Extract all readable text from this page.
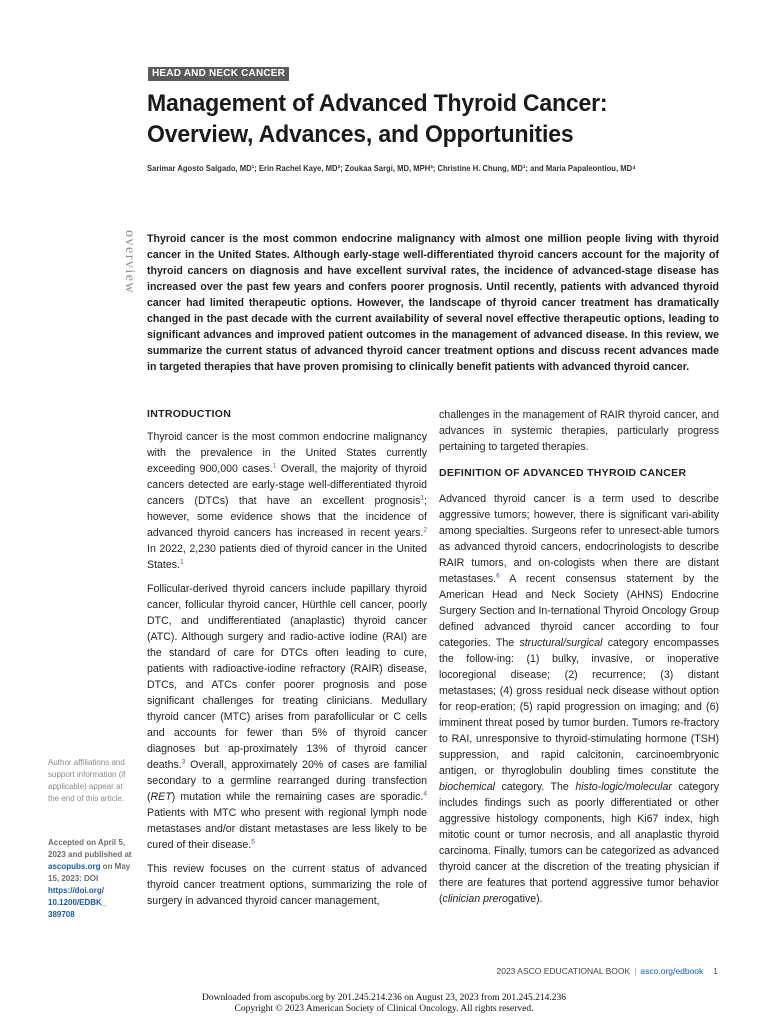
HEAD AND NECK CANCER
Management of Advanced Thyroid Cancer: Overview, Advances, and Opportunities
Sarimar Agosto Salgado, MD¹; Erin Rachel Kaye, MD²; Zoukaa Sargi, MD, MPH³; Christine H. Chung, MD¹; and Maria Papaleontiou, MD⁴
overview Thyroid cancer is the most common endocrine malignancy with almost one million people living with thyroid cancer in the United States. Although early-stage well-differentiated thyroid cancers account for the majority of thyroid cancers on diagnosis and have excellent survival rates, the incidence of advanced-stage disease has increased over the past few years and confers poorer prognosis. Until recently, patients with advanced thyroid cancer had limited therapeutic options. However, the landscape of thyroid cancer treatment has dramatically changed in the past decade with the current availability of several novel effective therapeutic options, leading to significant advances and improved patient outcomes in the management of advanced disease. In this review, we summarize the current status of advanced thyroid cancer treatment options and discuss recent advances made in targeted therapies that have proven promising to clinically benefit patients with advanced thyroid cancer.

INTRODUCTION

Thyroid cancer is the most common endocrine malignancy with the prevalence in the United States currently exceeding 900,000 cases.$^1$ Overall, the majority of thyroid cancers detected are early-stage well-differentiated thyroid cancers (DTCs) that have an excellent prognosis$^1$; however, some evidence shows that the incidence of advanced thyroid cancers has increased in recent years.$^2$ In 2022, 2,230 patients died of thyroid cancer in the United States.$^1$

Follicular-derived thyroid cancers include papillary thyroid cancer, follicular thyroid cancer, Hürthle cell cancer, poorly DTC, and undifferentiated (anaplastic) thyroid cancer (ATC). Although surgery and radio-active iodine (RAI) are the standard of care for DTCs often leading to cure, patients with radioactive-iodine refractory (RAIR) disease, DTCs, and ATCs confer poorer prognosis and pose significant challenges for treating clinicians. Medullary thyroid cancer (MTC) arises from parafollicular or C cells and accounts for fewer than 5% of thyroid cancer diagnoses but ap-proximately 13% of thyroid cancer deaths.$^3$ Overall, approximately 20% of cases are familial secondary to a germline rearranged during transfection (RET) mutation while the remaining cases are sporadic.$^4$ Patients with MTC who present with regional lymph node metastases and/or distant metastases are less likely to be cured of their disease.$^5$

This review focuses on the current status of advanced thyroid cancer treatment options, summarizing the role of surgery in advanced thyroid cancer management,

challenges in the management of RAIR thyroid cancer, and advances in systemic therapies, particularly progress pertaining to targeted therapies.

DEFINITION OF ADVANCED THYROID CANCER

Advanced thyroid cancer is a term used to describe aggressive tumors; however, there is significant vari-ability among specialties. Surgeons refer to unresect-able tumors as advanced thyroid cancers, endocrinologists to describe RAIR tumors, and on-cologists when there are distant metastases.$^6$ A recent consensus statement by the American Head and Neck Society (AHNS) Endocrine Surgery Section and In-ternational Thyroid Oncology Group defined advanced thyroid cancer according to four categories. The structural/surgical category encompasses the follow-ing: (1) bulky, invasive, or inoperative locoregional disease; (2) recurrence; (3) distant metastases; (4) gross residual neck disease without option for reop-eration; (5) rapid progression on imaging; and (6) imminent threat posed by tumor burden. Tumors re-fractory to RAI, unresponsive to thyroid-stimulating hormone (TSH) suppression, and rapid calcitonin, carcinoembryonic antigen, or thyroglobulin doubling times constitute the biochemical category. The histo-logic/molecular category includes findings such as poorly differentiated or other aggressive histology components, high Ki67 index, high mitotic count or tumor necrosis, and all anaplastic thyroid carcinoma. Finally, tumors can be categorized as advanced thyroid cancer at the discretion of the treating physician if there are features that portend aggressive tumor behavior (clinician prerogative).

Author affiliations and support information (if applicable) appear at the end of this article.
Accepted on April 5, 2023 and published at ascopubs.org on May 15, 2023: DOI https://doi.org/ 10.1200/EDBK_ 389708
2023 ASCO EDUCATIONAL BOOK | asco.org/edbook 1
Downloaded from ascopubs.org by 201.245.214.236 on August 23, 2023 from 201.245.214.236
Copyright © 2023 American Society of Clinical Oncology. All rights reserved.
